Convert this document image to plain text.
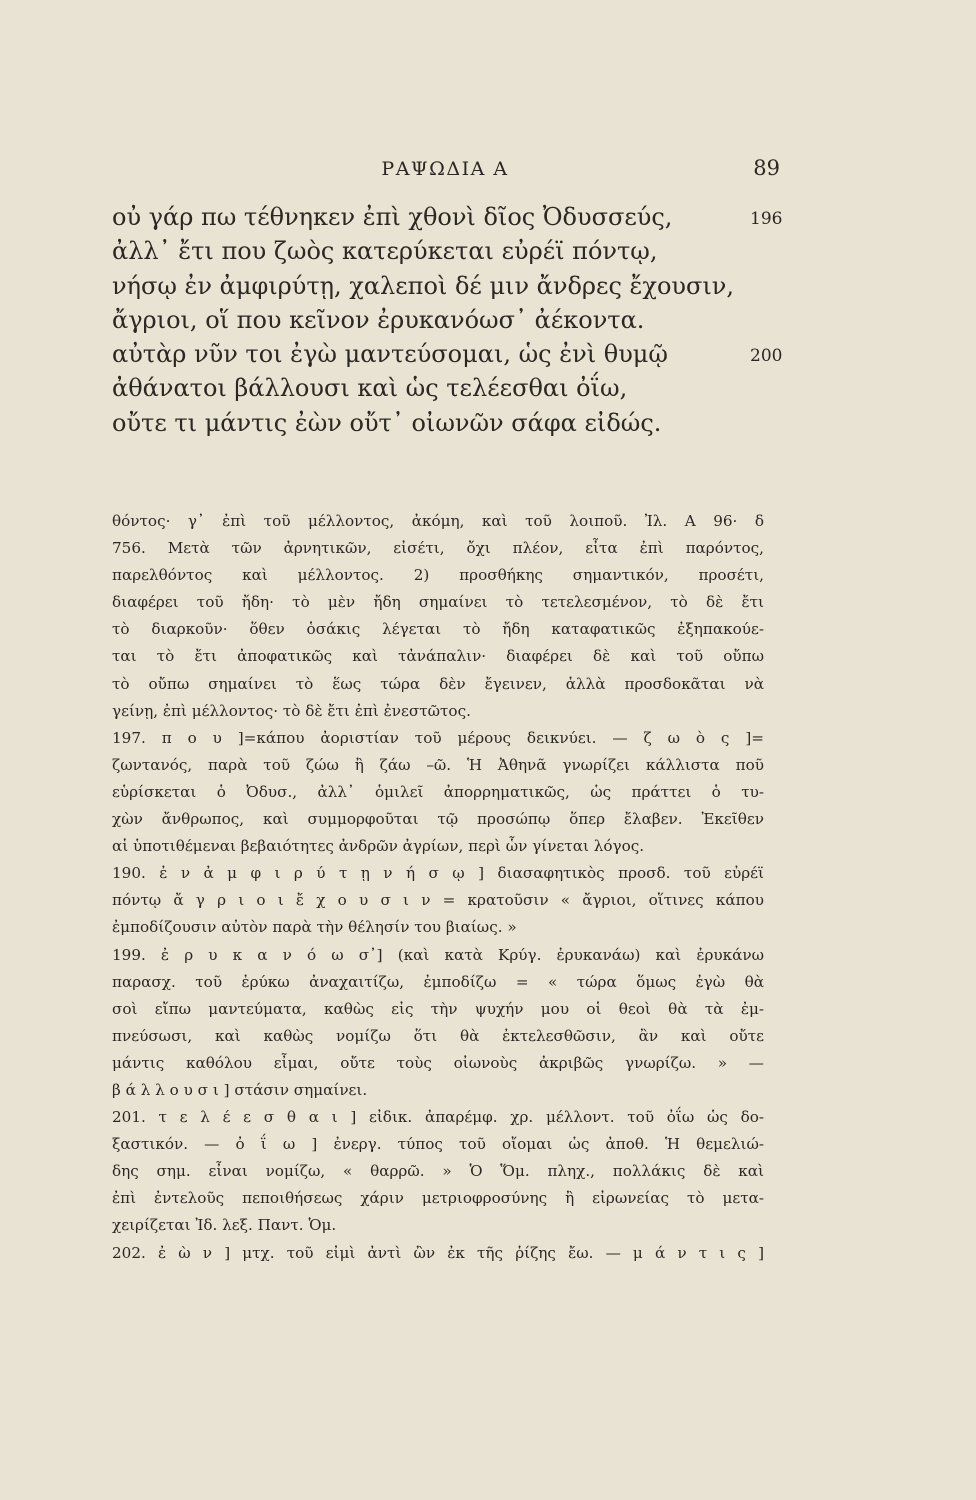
ΡΑΨΩΔΙΑ Α	89
οὐ γάρ πω τέθνηκεν ἐπὶ χθονὶ δῖος Ὀδυσσεύς,	196
ἀλλ᾽ ἔτι που ζωὸς κατερύκεται εὐρέϊ πόντῳ,
νήσῳ ἐν ἀμφιρύτῃ, χαλεποὶ δέ μιν ἄνδρες ἔχουσιν,
ἄγριοι, οἵ που κεῖνον ἐρυκανόωσ᾽ ἀέκοντα.
αὐτὰρ νῦν τοι ἐγὼ μαντεύσομαι, ὡς ἐνὶ θυμῷ	200
ἀθάνατοι βάλλουσι καὶ ὡς τελέεσθαι ὀΐω,
οὔτε τι μάντις ἐὼν οὔτ᾽ οἰωνῶν σάφα εἰδώς.
θόντος· γ᾽ ἐπὶ τοῦ μέλλοντος, ἀκόμη, καὶ τοῦ λοιποῦ. Ἰλ. Α 96· δ
756. Μετὰ τῶν ἀρνητικῶν, εἰσέτι, ὄχι πλέον, εἶτα ἐπὶ παρόντος,
παρελθόντος καὶ μέλλοντος. 2) προσθήκης σημαντικόν, προσέτι,
διαφέρει τοῦ ἤδη· τὸ μὲν ἤδη σημαίνει τὸ τετελεσμένον, τὸ δὲ ἔτι
τὸ διαρκοῦν· ὅθεν ὁσάκις λέγεται τὸ ἤδη καταφατικῶς ἐξηπακούε-
ται τὸ ἔτι ἀποφατικῶς καὶ τἀνάπαλιν· διαφέρει δὲ καὶ τοῦ οὔπω
τὸ οὔπω σημαίνει τὸ ἕως τώρα δὲν ἔγεινεν, ἀλλὰ προσδοκᾶται νὰ
γείνῃ, ἐπὶ μέλλοντος· τὸ δὲ ἔτι ἐπὶ ἐνεστῶτος.
197. π ο υ ]=κάπου ἀοριστίαν τοῦ μέρους δεικνύει. — ζ ω ὸ ς ]=
ζωντανός, παρὰ τοῦ ζώω ἢ ζάω –ῶ. Ἡ Ἀθηνᾶ γνωρίζει κάλλιστα ποῦ
εὑρίσκεται ὁ Ὀδυσ., ἀλλ᾽ ὁμιλεῖ ἀπορρηματικῶς, ὡς πράττει ὁ τυ-
χὼν ἄνθρωπος, καὶ συμμορφοῦται τῷ προσώπῳ ὅπερ ἔλαβεν. Ἐκεῖθεν
αἱ ὑποτιθέμεναι βεβαιότητες ἀνδρῶν ἀγρίων, περὶ ὧν γίνεται λόγος.
190. ἐ ν ἀ μ φ ι ρ ύ τ ῃ ν ή σ ῳ ] διασαφητικὸς προσδ. τοῦ εὐρέϊ
πόντῳ ἄ γ ρ ι ο ι ἔ χ ο υ σ ι ν = κρατοῦσιν « ἄγριοι, οἵτινες κάπου
ἐμποδίζουσιν αὐτὸν παρὰ τὴν θέλησίν του βιαίως. »
199. ἐ ρ υ κ α ν ό ω σ᾽] (καὶ κατὰ Κρύγ. ἐρυκανάω) καὶ ἐρυκάνω
παρασχ. τοῦ ἐρύκω ἀναχαιτίζω, ἐμποδίζω = « τώρα ὅμως ἐγὼ θὰ
σοὶ εἴπω μαντεύματα, καθὼς εἰς τὴν ψυχήν μου οἱ θεοὶ θὰ τὰ ἐμ-
πνεύσωσι, καὶ καθὼς νομίζω ὅτι θὰ ἐκτελεσθῶσιν, ἂν καὶ οὔτε
μάντις καθόλου εἶμαι, οὔτε τοὺς οἰωνοὺς ἀκριβῶς γνωρίζω. » —
β ά λ λ ο υ σ ι ] στάσιν σημαίνει.
201. τ ε λ έ ε σ θ α ι ] εἰδικ. ἀπαρέμφ. χρ. μέλλοντ. τοῦ ὀΐω ὡς δο-
ξαστικόν. — ὀ ΐ ω ] ἐνεργ. τύπος τοῦ οἴομαι ὡς ἀποθ. Ἡ θεμελιώ-
δης σημ. εἶναι νομίζω, « θαρρῶ. » Ὁ Ὅμ. πληχ., πολλάκις δὲ καὶ
ἐπὶ ἐντελοῦς πεποιθήσεως χάριν μετριοφροσύνης ἢ εἰρωνείας τὸ μετα-
χειρίζεται Ἰδ. λεξ. Παντ. Ὁμ.
202. ἐ ὼ ν ] μτχ. τοῦ εἰμὶ ἀντὶ ὢν ἐκ τῆς ῥίζης ἔω. — μ ά ν τ ι ς ]
